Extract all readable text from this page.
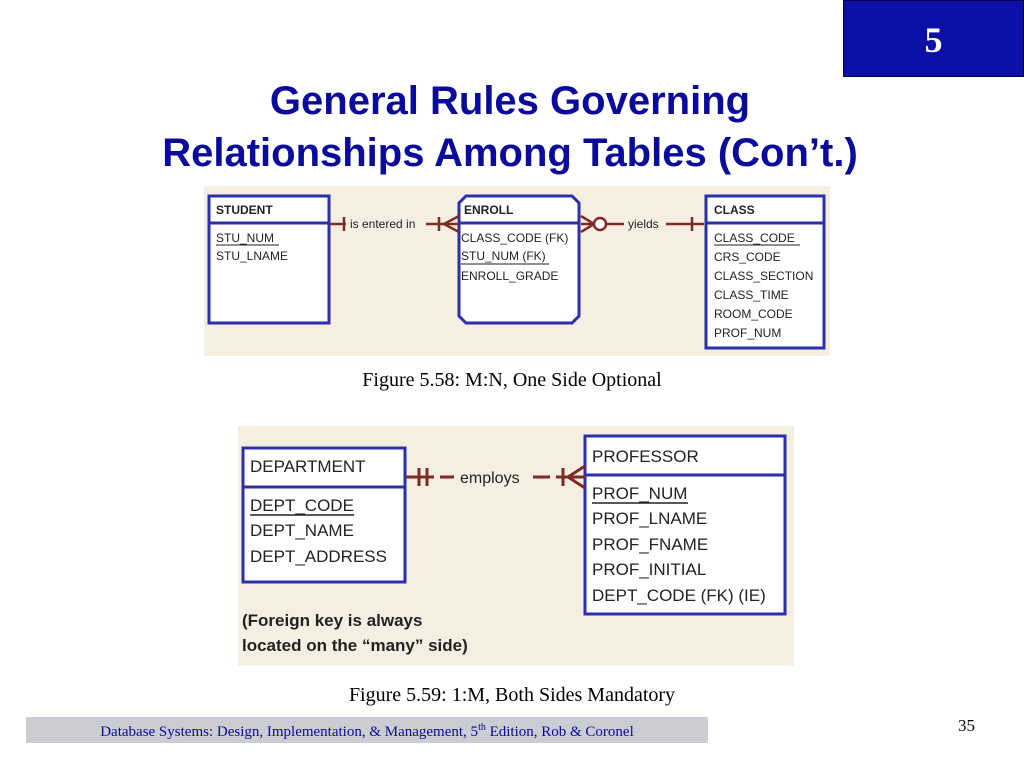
5
General Rules Governing
Relationships Among Tables (Con’t.)
STUDENT
STU_NUM
STU_LNAME
ENROLL
CLASS_CODE (FK)
STU_NUM (FK)
ENROLL_GRADE
CLASS
CLASS_CODE
CRS_CODE
CLASS_SECTION
CLASS_TIME
ROOM_CODE
PROF_NUM
is entered in	yields
Figure 5.58: M:N, One Side Optional
DEPARTMENT
DEPT_CODE
DEPT_NAME
DEPT_ADDRESS
PROFESSOR
PROF_NUM
PROF_LNAME
PROF_FNAME
PROF_INITIAL
DEPT_CODE (FK) (IE)
employs
(Foreign key is always
located on the “many” side)
Figure 5.59: 1:M, Both Sides Mandatory
Database Systems: Design, Implementation, & Management, 5th Edition, Rob & Coronel	35
